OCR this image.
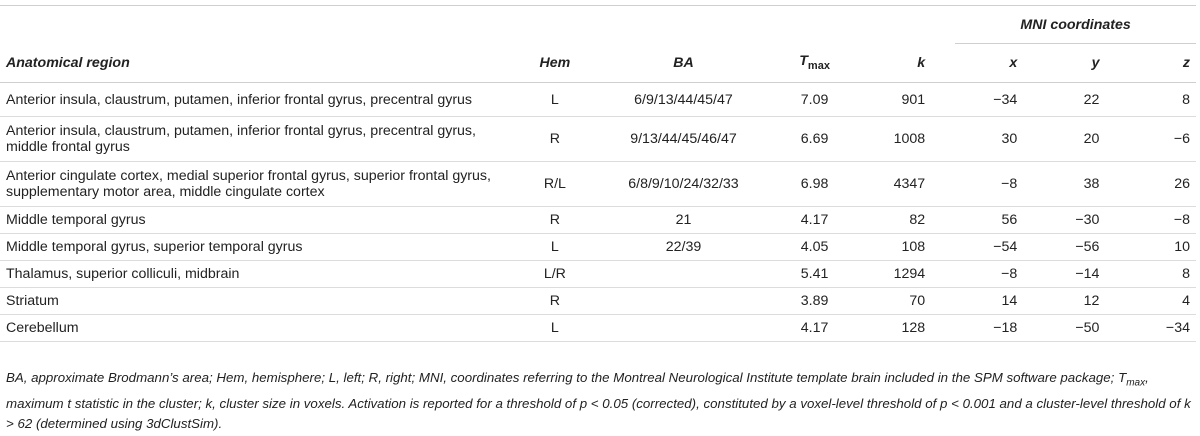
					MNI coordinates		
Anatomical region	Hem	BA	$T_{max}$	k	x	y	z
Anterior insula, claustrum, putamen, inferior frontal gyrus, precentral gyrus	L	6/9/13/44/45/47	7.09	901	−34	22	8
Anterior insula, claustrum, putamen, inferior frontal gyrus, precentral gyrus,
middle frontal gyrus	R	9/13/44/45/46/47	6.69	1008	30	20	−6
Anterior cingulate cortex, medial superior frontal gyrus, superior frontal gyrus,
supplementary motor area, middle cingulate cortex	R/L	6/8/9/10/24/32/33	6.98	4347	−8	38	26
Middle temporal gyrus	R	21	4.17	82	56	−30	−8
Middle temporal gyrus, superior temporal gyrus	L	22/39	4.05	108	−54	−56	10
Thalamus, superior colliculi, midbrain	L/R		5.41	1294	−8	−14	8
Striatum	R		3.89	70	14	12	4
Cerebellum	L		4.17	128	−18	−50	−34
BA, approximate Brodmann’s area; Hem, hemisphere; L, left; R, right; MNI, coordinates referring to the Montreal Neurological Institute template brain included in the SPM software package; $T_{max}$, maximum t statistic in the cluster; k, cluster size in voxels. Activation is reported for a threshold of p < 0.05 (corrected), constituted by a voxel-level threshold of p < 0.001 and a cluster-level threshold of k > 62 (determined using 3dClustSim).
